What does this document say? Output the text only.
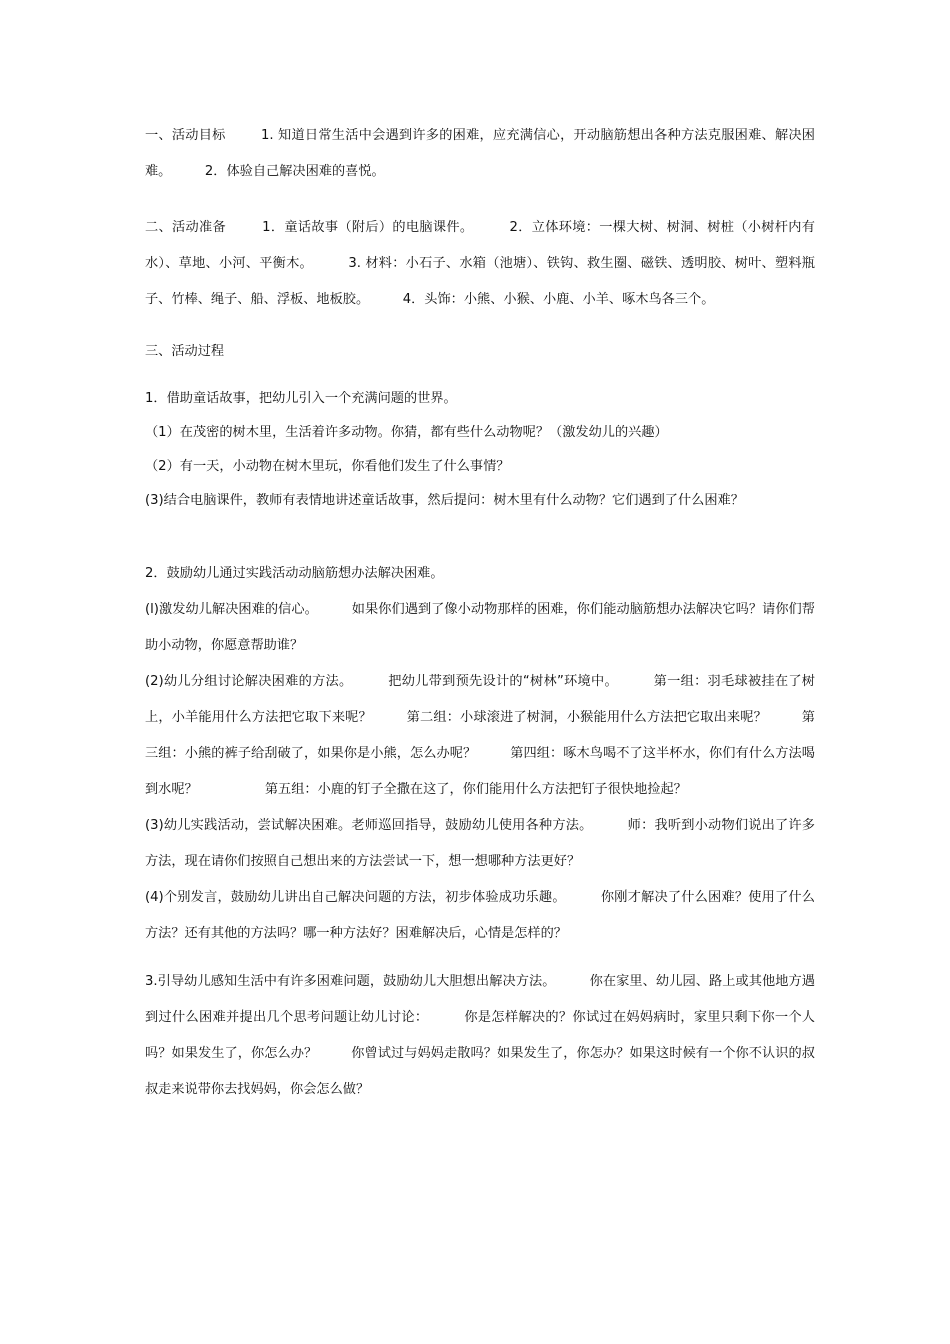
一、活动目标        1. 知道日常生活中会遇到许多的困难，应充满信心，开动脑筋想出各种方法克服困难、解决困难。        2．体验自己解决困难的喜悦。

二、活动准备        1．童话故事（附后）的电脑课件。        2．立体环境：一棵大树、树洞、树桩（小树杆内有水）、草地、小河、平衡木。        3. 材料：小石子、水箱（池塘）、铁钩、救生圈、磁铁、透明胶、树叶、塑料瓶子、竹棒、绳子、船、浮板、地板胶。        4．头饰：小熊、小猴、小鹿、小羊、啄木鸟各三个。

三、活动过程

1．借助童话故事，把幼儿引入一个充满问题的世界。

（1）在茂密的树木里，生活着许多动物。你猜，都有些什么动物呢？（激发幼儿的兴趣）

（2）有一天，小动物在树木里玩，你看他们发生了什么事情？

(3)结合电脑课件，教师有表情地讲述童话故事，然后提问：树木里有什么动物？它们遇到了什么困难？

2．鼓励幼儿通过实践活动动脑筋想办法解决困难。

(l)激发幼儿解决困难的信心。        如果你们遇到了像小动物那样的困难，你们能动脑筋想办法解决它吗？请你们帮助小动物，你愿意帮助谁？

(2)幼儿分组讨论解决困难的方法。        把幼儿带到预先设计的“树林”环境中。        第一组：羽毛球被挂在了树上，小羊能用什么方法把它取下来呢？        第二组：小球滚进了树洞，小猴能用什么方法把它取出来呢？        第三组：小熊的裤子给刮破了，如果你是小熊，怎么办呢？        第四组：啄木鸟喝不了这半杯水，你们有什么方法喝到水呢？                第五组：小鹿的钉子全撒在这了，你们能用什么方法把钉子很快地捡起？

(3)幼儿实践活动，尝试解决困难。老师巡回指导，鼓励幼儿使用各种方法。        师：我听到小动物们说出了许多方法，现在请你们按照自己想出来的方法尝试一下，想一想哪种方法更好？

(4)个别发言，鼓励幼儿讲出自己解决问题的方法，初步体验成功乐趣。        你刚才解决了什么困难？使用了什么方法？还有其他的方法吗？哪一种方法好？困难解决后，心情是怎样的？

3.引导幼儿感知生活中有许多困难问题，鼓励幼儿大胆想出解决方法。        你在家里、幼儿园、路上或其他地方遇到过什么困难并提出几个思考问题让幼儿讨论：        你是怎样解决的？你试过在妈妈病时，家里只剩下你一个人吗？如果发生了，你怎么办？        你曾试过与妈妈走散吗？如果发生了，你怎办？如果这时候有一个你不认识的叔叔走来说带你去找妈妈，你会怎么做？
